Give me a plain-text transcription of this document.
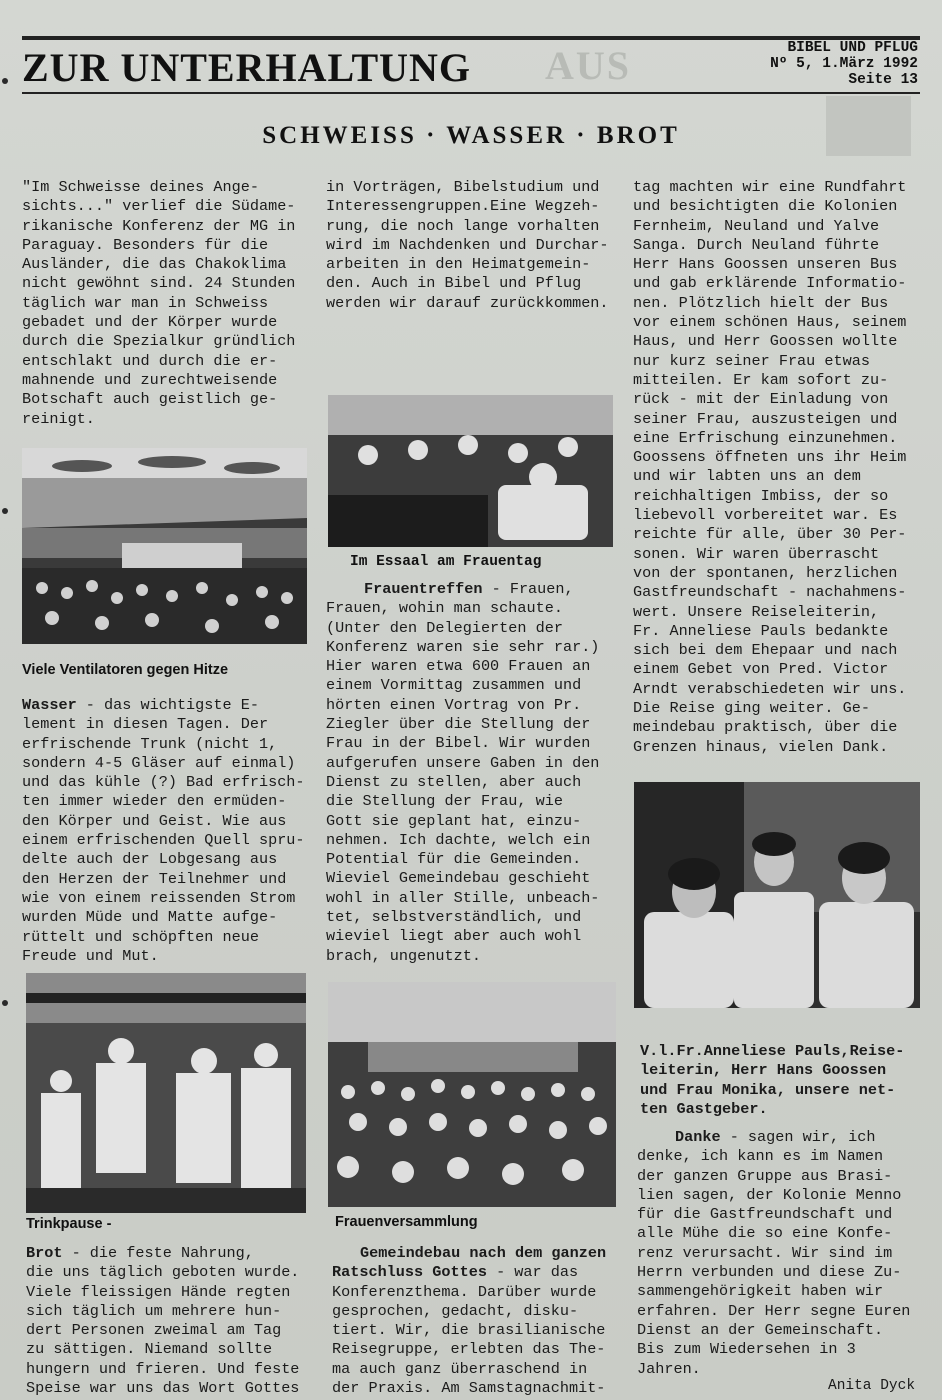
AUS
ZUR UNTERHALTUNG	BIBEL UND PFLUG
Nº 5, 1.März 1992
Seite 13
SCHWEISS · WASSER · BROT

"Im Schweisse deines Ange-

sichts..." verlief die Südame-

rikanische Konferenz der MG in

Paraguay. Besonders für die

Ausländer, die das Chakoklima

nicht gewöhnt sind. 24 Stunden

täglich war man in Schweiss

gebadet und der Körper wurde

durch die Spezialkur gründlich

entschlakt und durch die er-

mahnende und zurechtweisende

Botschaft auch geistlich ge-

reinigt.

Viele Ventilatoren gegen Hitze

Wasser - das wichtigste E-

lement in diesen Tagen. Der

erfrischende Trunk (nicht 1,

sondern 4-5 Gläser auf einmal)

und das kühle (?) Bad erfrisch-

ten immer wieder den ermüden-

den Körper und Geist. Wie aus

einem erfrischenden Quell spru-

delte auch der Lobgesang aus

den Herzen der Teilnehmer und

wie von einem reissenden Strom

wurden Müde und Matte aufge-

rüttelt und schöpften neue

Freude und Mut.

Trinkpause -

Brot - die feste Nahrung,

die uns täglich geboten wurde.

Viele fleissigen Hände regten

sich täglich um mehrere hun-

dert Personen zweimal am Tag

zu sättigen. Niemand sollte

hungern und frieren. Und feste

Speise war uns das Wort Gottes

in Vorträgen, Bibelstudium und

Interessengruppen.Eine Wegzeh-

rung, die noch lange vorhalten

wird im Nachdenken und Durchar-

arbeiten in den Heimatgemein-

den. Auch in Bibel und Pflug

werden wir darauf zurückkommen.

Im Essaal am Frauentag

Frauentreffen - Frauen,

Frauen, wohin man schaute.

(Unter den Delegierten der

Konferenz waren sie sehr rar.)

Hier waren etwa 600 Frauen an

einem Vormittag zusammen und

hörten einen Vortrag von Pr.

Ziegler über die Stellung der

Frau in der Bibel. Wir wurden

aufgerufen unsere Gaben in den

Dienst zu stellen, aber auch

die Stellung der Frau, wie

Gott sie geplant hat, einzu-

nehmen. Ich dachte, welch ein

Potential für die Gemeinden.

Wieviel Gemeindebau geschieht

wohl in aller Stille, unbeach-

tet, selbstverständlich, und

wieviel liegt aber auch wohl

brach, ungenutzt.

Frauenversammlung

Gemeindebau nach dem ganzen

Ratschluss Gottes - war das

Konferenzthema. Darüber wurde

gesprochen, gedacht, disku-

tiert. Wir, die brasilianische

Reisegruppe, erlebten das The-

ma auch ganz überraschend in

der Praxis. Am Samstagnachmit-

tag machten wir eine Rundfahrt

und besichtigten die Kolonien

Fernheim, Neuland und Yalve

Sanga. Durch Neuland führte

Herr Hans Goossen unseren Bus

und gab erklärende Informatio-

nen. Plötzlich hielt der Bus

vor einem schönen Haus, seinem

Haus, und Herr Goossen wollte

nur kurz seiner Frau etwas

mitteilen. Er kam sofort zu-

rück - mit der Einladung von

seiner Frau, auszusteigen und

eine Erfrischung einzunehmen.

Goossens öffneten uns ihr Heim

und wir labten uns an dem

reichhaltigen Imbiss, der so

liebevoll vorbereitet war. Es

reichte für alle, über 30 Per-

sonen. Wir waren überrascht

von der spontanen, herzlichen

Gastfreundschaft - nachahmens-

wert. Unsere Reiseleiterin,

Fr. Anneliese Pauls bedankte

sich bei dem Ehepaar und nach

einem Gebet von Pred. Victor

Arndt verabschiedeten wir uns.

Die Reise ging weiter. Ge-

meindebau praktisch, über die

Grenzen hinaus, vielen Dank.

V.l.Fr.Anneliese Pauls,Reise-

leiterin, Herr Hans Goossen

und Frau Monika, unsere net-

ten Gastgeber.

Danke - sagen wir, ich

denke, ich kann es im Namen

der ganzen Gruppe aus Brasi-

lien sagen, der Kolonie Menno

für die Gastfreundschaft und

alle Mühe die so eine Konfe-

renz verursacht. Wir sind im

Herrn verbunden und diese Zu-

sammengehörigkeit haben wir

erfahren. Der Herr segne Euren

Dienst an der Gemeinschaft.

Bis zum Wiedersehen in 3

Jahren.

Anita Dyck
